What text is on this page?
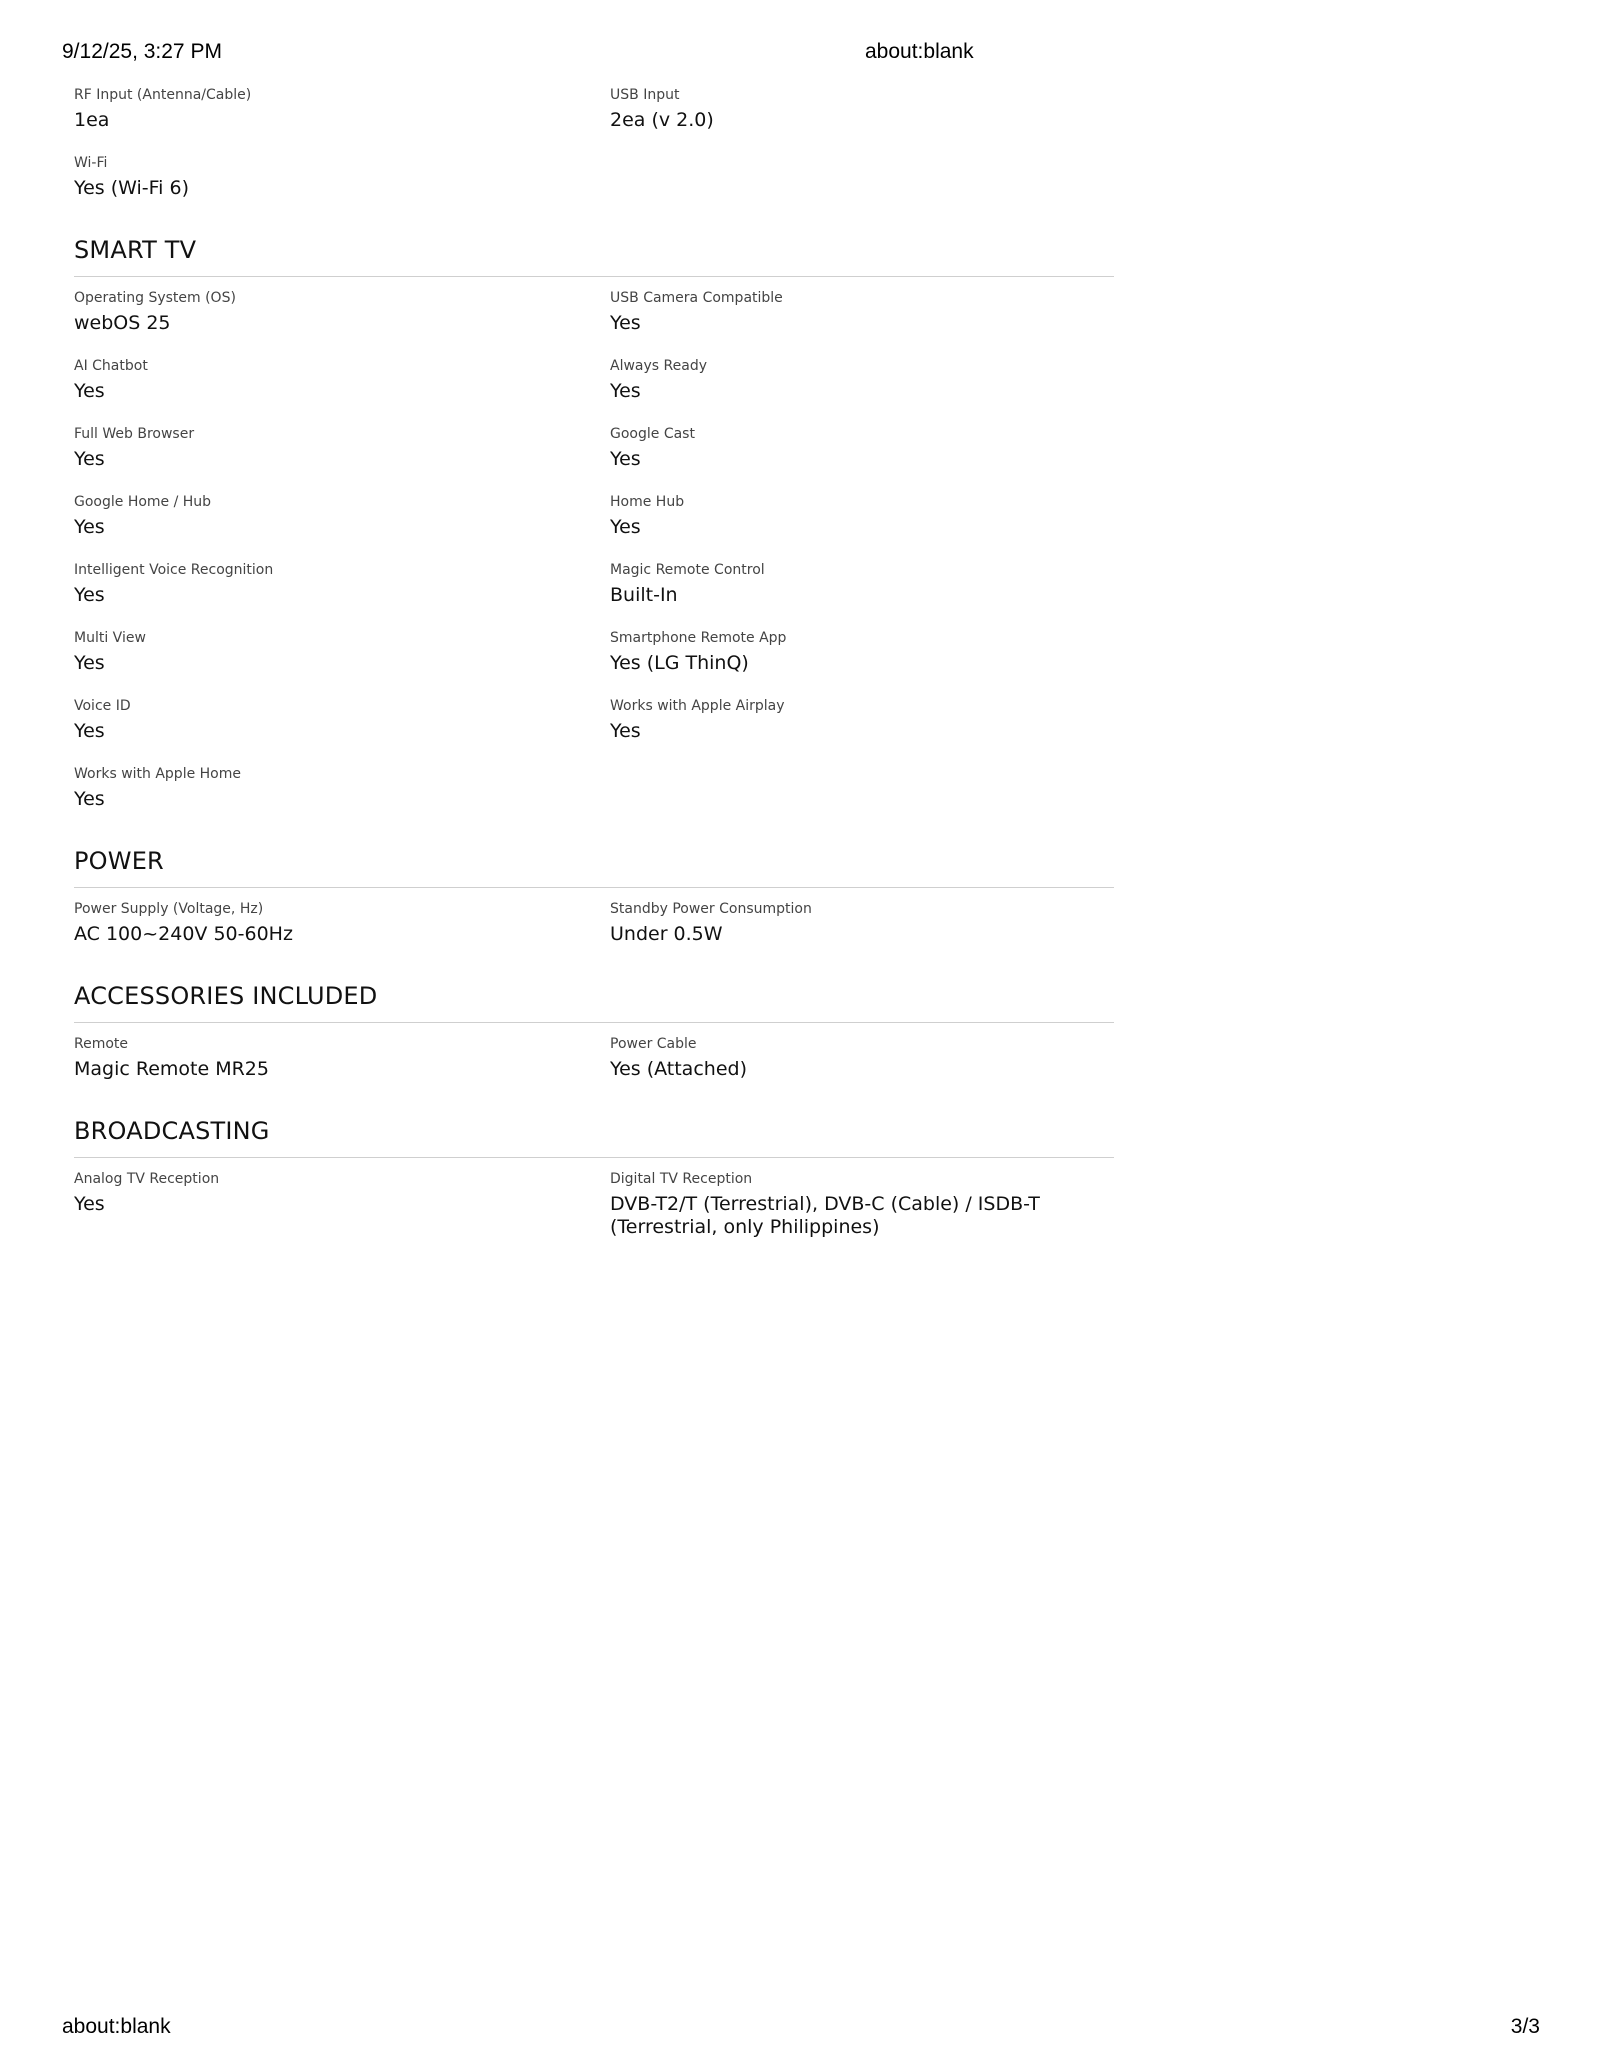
9/12/25, 3:27 PM	about:blank
RF Input (Antenna/Cable)
1ea
USB Input
2ea (v 2.0)
Wi-Fi
Yes (Wi-Fi 6)
SMART TV
Operating System (OS)
webOS 25
USB Camera Compatible
Yes
AI Chatbot
Yes
Always Ready
Yes
Full Web Browser
Yes
Google Cast
Yes
Google Home / Hub
Yes
Home Hub
Yes
Intelligent Voice Recognition
Yes
Magic Remote Control
Built-In
Multi View
Yes
Smartphone Remote App
Yes (LG ThinQ)
Voice ID
Yes
Works with Apple Airplay
Yes
Works with Apple Home
Yes
POWER
Power Supply (Voltage, Hz)
AC 100~240V 50-60Hz
Standby Power Consumption
Under 0.5W
ACCESSORIES INCLUDED
Remote
Magic Remote MR25
Power Cable
Yes (Attached)
BROADCASTING
Analog TV Reception
Yes
Digital TV Reception
DVB-T2/T (Terrestrial), DVB-C (Cable) / ISDB-T (Terrestrial, only Philippines)
about:blank	3/3
